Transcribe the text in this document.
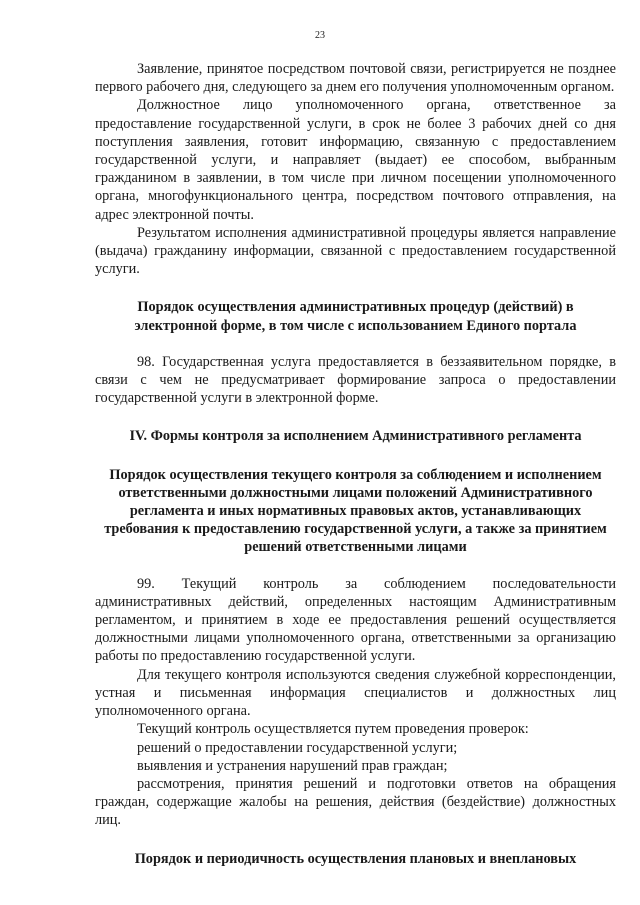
23

Заявление, принятое посредством почтовой связи, регистрируется не позднее первого рабочего дня, следующего за днем его получения уполномоченным органом.

Должностное лицо уполномоченного органа, ответственное за предоставление государственной услуги, в срок не более 3 рабочих дней со дня поступления заявления, готовит информацию, связанную с предоставлением государственной услуги, и направляет (выдает) ее способом, выбранным гражданином в заявлении, в том числе при личном посещении уполномоченного органа, многофункционального центра, посредством почтового отправления, на адрес электронной почты.

Результатом исполнения административной процедуры является направление (выдача) гражданину информации, связанной с предоставлением государственной услуги.

Порядок осуществления административных процедур (действий) в электронной форме, в том числе с использованием Единого портала

98. Государственная услуга предоставляется в беззаявительном порядке, в связи с чем не предусматривает формирование запроса о предоставлении государственной услуги в электронной форме.

IV. Формы контроля за исполнением Административного регламента
Порядок осуществления текущего контроля за соблюдением и исполнением ответственными должностными лицами положений Административного регламента и иных нормативных правовых актов, устанавливающих требования к предоставлению государственной услуги, а также за принятием решений ответственными лицами

99. Текущий контроль за соблюдением последовательности административных действий, определенных настоящим Административным регламентом, и принятием в ходе ее предоставления решений осуществляется должностными лицами уполномоченного органа, ответственными за организацию работы по предоставлению государственной услуги.

Для текущего контроля используются сведения служебной корреспонденции, устная и письменная информация специалистов и должностных лиц уполномоченного органа.

Текущий контроль осуществляется путем проведения проверок:

решений о предоставлении государственной услуги;

выявления и устранения нарушений прав граждан;

рассмотрения, принятия решений и подготовки ответов на обращения граждан, содержащие жалобы на решения, действия (бездействие) должностных лиц.

Порядок и периодичность осуществления плановых и внеплановых
